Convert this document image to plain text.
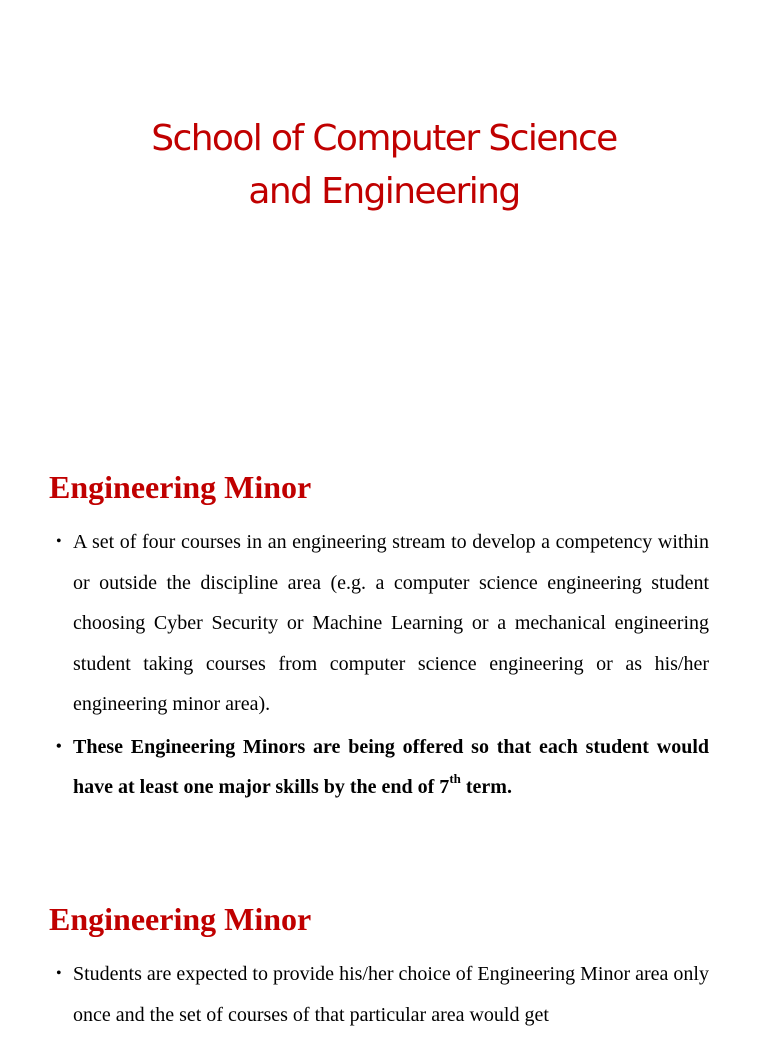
School of Computer Science
and Engineering
Engineering Minor
• A set of four courses in an engineering stream to develop a competency within or outside the discipline area (e.g. a computer science engineering student choosing Cyber Security or Machine Learning or a mechanical engineering student taking courses from computer science engineering or as his/her engineering minor area).
• These Engineering Minors are being offered so that each student would have at least one major skills by the end of 7th term.
Engineering Minor
• Students are expected to provide his/her choice of Engineering Minor area only once and the set of courses of that particular area would get
